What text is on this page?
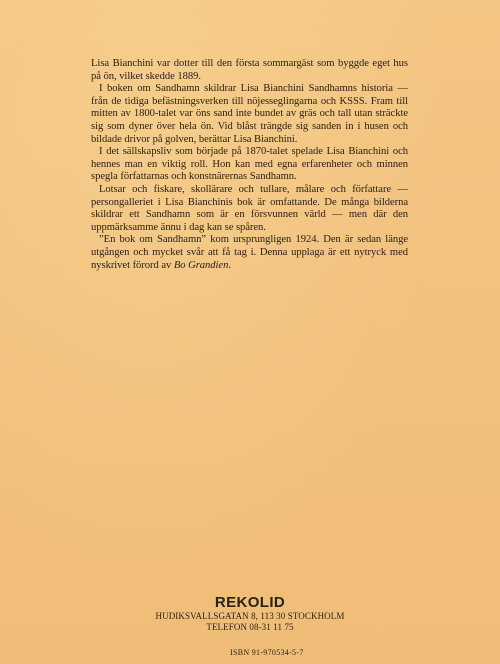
Lisa Bianchini var dotter till den första sommargäst som byggde eget hus på ön, vilket skedde 1889.

I boken om Sandhamn skildrar Lisa Bianchini Sandhamns historia — från de tidiga befästningsverken till nöjesseglingarna och KSSS. Fram till mitten av 1800-talet var öns sand inte bundet av gräs och tall utan sträckte sig som dyner över hela ön. Vid blåst trängde sig sanden in i husen och bildade drivor på golven, berättar Lisa Bianchini.

I det sällskapsliv som började på 1870-talet spelade Lisa Bianchini och hennes man en viktig roll. Hon kan med egna erfarenheter och minnen spegla författarnas och konstnärernas Sandhamn.

Lotsar och fiskare, skollärare och tullare, målare och författare — persongalleriet i Lisa Bianchinis bok är omfattande. De många bilderna skildrar ett Sandhamn som är en försvunnen värld — men där den uppmärksamme ännu i dag kan se spåren.

”En bok om Sandhamn” kom ursprungligen 1924. Den är sedan länge utgången och mycket svår att få tag i. Denna upplaga är ett nytryck med nyskrivet förord av Bo Grandien.

REKOLID

HUDIKSVALLSGATAN 8, 113 30 STOCKHOLM

TELEFON 08-31 11 75

ISBN 91-970534-5-7
